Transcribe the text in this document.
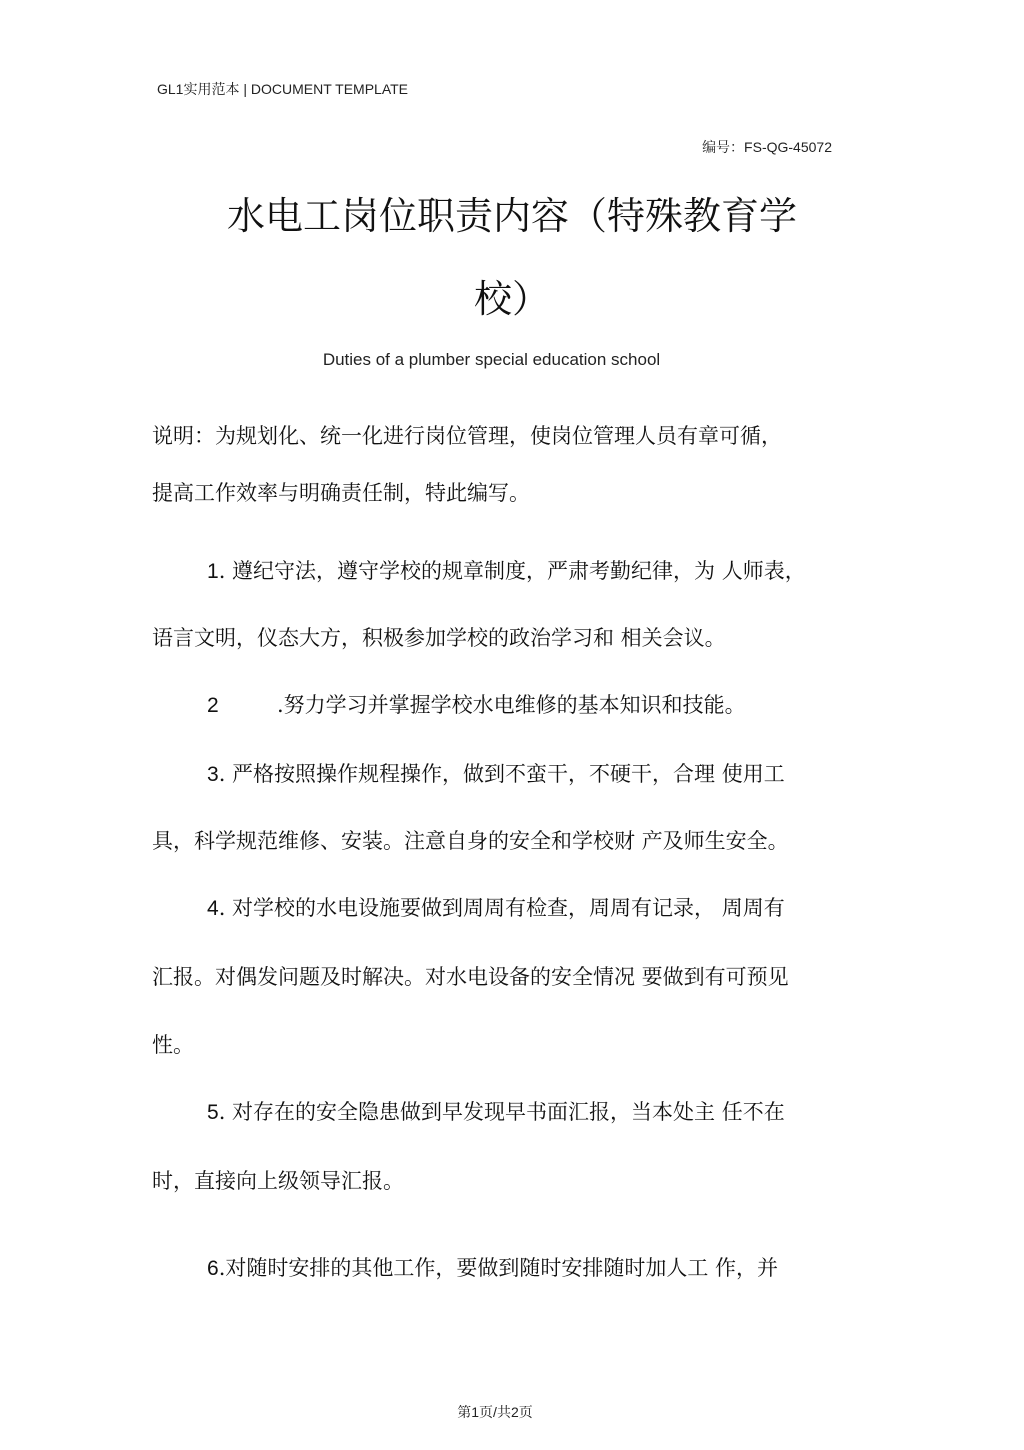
GL1实用范本 | DOCUMENT TEMPLATE
编号：FS-QG-45072
水电工岗位职责内容（特殊教育学
校）
Duties of a plumber special education school
说明：为规划化、统一化进行岗位管理，使岗位管理人员有章可循，
提高工作效率与明确责任制，特此编写。
1. 遵纪守法，遵守学校的规章制度，严肃考勤纪律，为 人师表，
语言文明，仪态大方，积极参加学校的政治学习和 相关会议。
2	.努力学习并掌握学校水电维修的基本知识和技能。
3. 严格按照操作规程操作，做到不蛮干，不硬干，合理 使用工
具，科学规范维修、安装。注意自身的安全和学校财 产及师生安全。
4. 对学校的水电设施要做到周周有检查，周周有记录， 周周有
汇报。对偶发问题及时解决。对水电设备的安全情况 要做到有可预见
性。
5. 对存在的安全隐患做到早发现早书面汇报，当本处主 任不在
时，直接向上级领导汇报。
6.对随时安排的其他工作，要做到随时安排随时加人工 作，并
第1页/共2页
